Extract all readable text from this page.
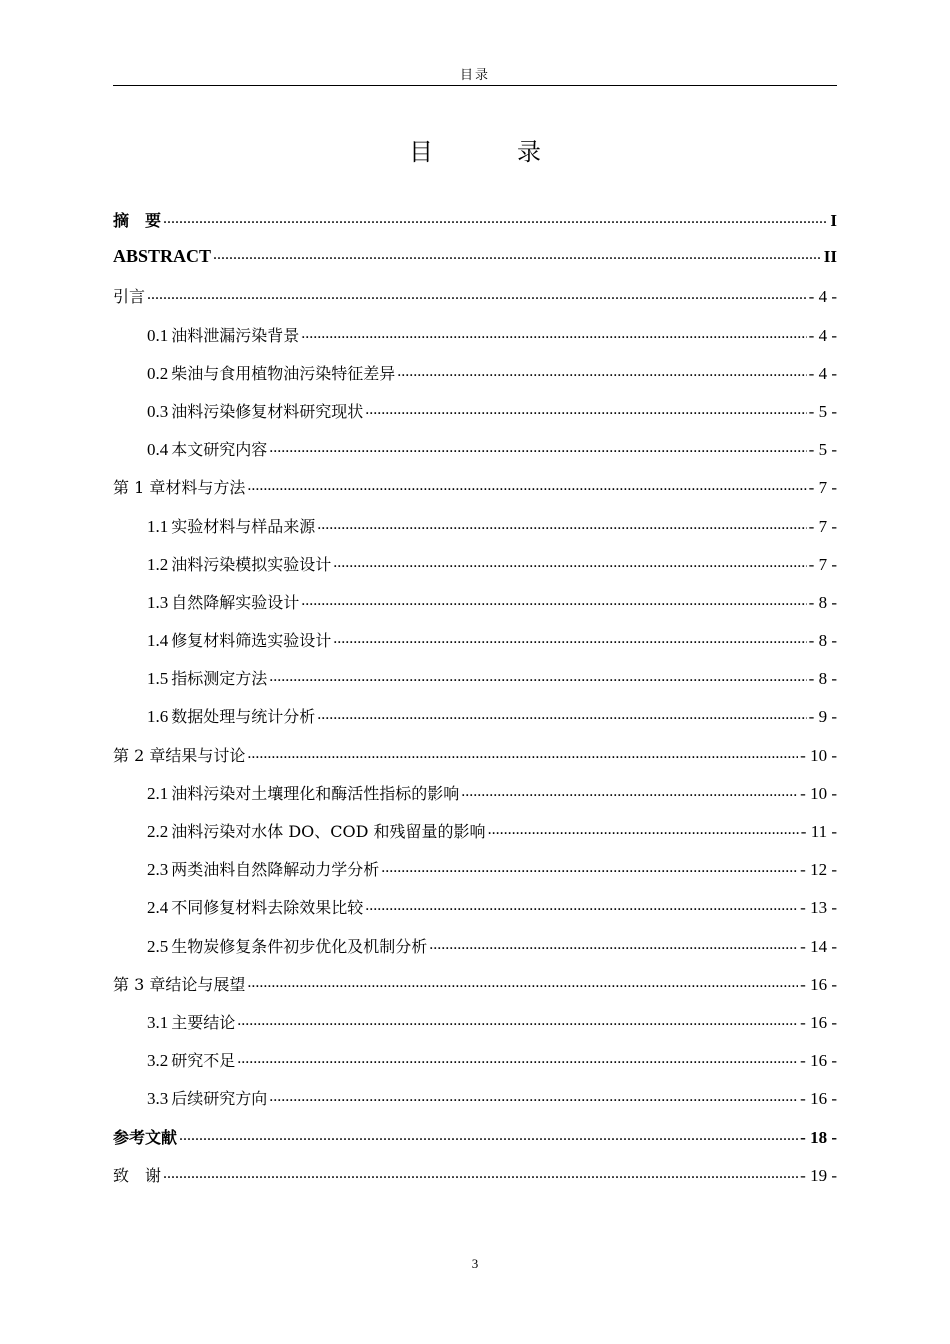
目录
目　录
摘　要 .....	I
ABSTRACT .....	II
引言 .....	- 4 -
0.1 油料泄漏污染背景 .....	- 4 -
0.2 柴油与食用植物油污染特征差异 .....	- 4 -
0.3 油料污染修复材料研究现状 .....	- 5 -
0.4 本文研究内容 .....	- 5 -
第 1 章材料与方法 .....	- 7 -
1.1 实验材料与样品来源 .....	- 7 -
1.2 油料污染模拟实验设计 .....	- 7 -
1.3 自然降解实验设计 .....	- 8 -
1.4 修复材料筛选实验设计 .....	- 8 -
1.5 指标测定方法 .....	- 8 -
1.6 数据处理与统计分析 .....	- 9 -
第 2 章结果与讨论 .....	- 10 -
2.1 油料污染对土壤理化和酶活性指标的影响 .....	- 10 -
2.2 油料污染对水体 DO、COD 和残留量的影响 .....	- 11 -
2.3 两类油料自然降解动力学分析 .....	- 12 -
2.4 不同修复材料去除效果比较 .....	- 13 -
2.5 生物炭修复条件初步优化及机制分析 .....	- 14 -
第 3 章结论与展望 .....	- 16 -
3.1 主要结论 .....	- 16 -
3.2 研究不足 .....	- 16 -
3.3 后续研究方向 .....	- 16 -
参考文献 .....	- 18 -
致　谢 .....	- 19 -
3
